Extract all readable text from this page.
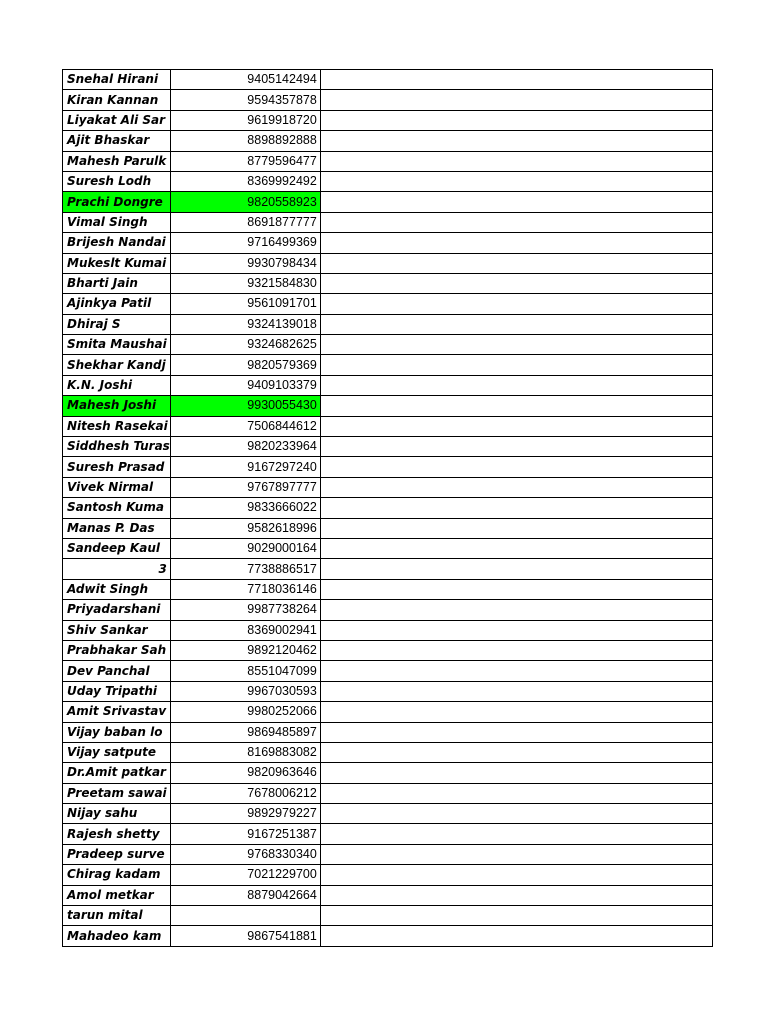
Snehal Hirani	9405142494	
Kiran Kannan	9594357878	
Liyakat Ali Sar	9619918720	
Ajit Bhaskar	8898892888	
Mahesh Parulk	8779596477	
Suresh Lodh	8369992492	
Prachi Dongre	9820558923	
Vimal Singh	8691877777	
Brijesh Nandai	9716499369	
Mukeslt Kumai	9930798434	
Bharti Jain	9321584830	
Ajinkya Patil	9561091701	
Dhiraj S	9324139018	
Smita Maushai	9324682625	
Shekhar Kandj	9820579369	
K.N. Joshi	9409103379	
Mahesh Joshi	9930055430	
Nitesh Rasekai	7506844612	
Siddhesh Turas	9820233964	
Suresh Prasad	9167297240	
Vivek Nirmal	9767897777	
Santosh Kuma	9833666022	
Manas P. Das	9582618996	
Sandeep Kaul	9029000164	
3	7738886517	
Adwit Singh	7718036146	
Priyadarshani	9987738264	
Shiv Sankar	8369002941	
Prabhakar Sah	9892120462	
Dev Panchal	8551047099	
Uday Tripathi	9967030593	
Amit Srivastav	9980252066	
Vijay baban lo	9869485897	
Vijay satpute	8169883082	
Dr.Amit patkar	9820963646	
Preetam sawai	7678006212	
Nijay sahu	9892979227	
Rajesh shetty	9167251387	
Pradeep surve	9768330340	
Chirag kadam	7021229700	
Amol metkar	8879042664	
tarun mital		
Mahadeo kam	9867541881	
